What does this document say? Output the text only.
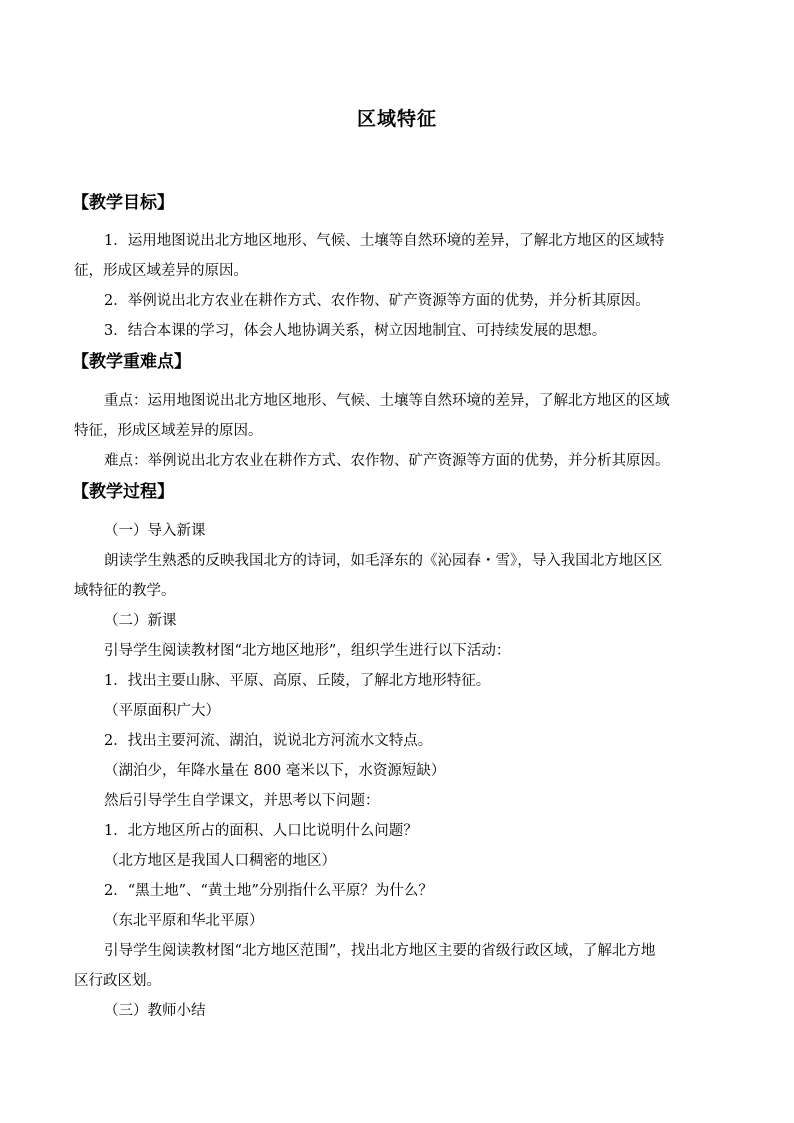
区域特征
【教学目标】
1．运用地图说出北方地区地形、气候、土壤等自然环境的差异，了解北方地区的区域特
征，形成区域差异的原因。
2．举例说出北方农业在耕作方式、农作物、矿产资源等方面的优势，并分析其原因。
3．结合本课的学习，体会人地协调关系，树立因地制宜、可持续发展的思想。
【教学重难点】
重点：运用地图说出北方地区地形、气候、土壤等自然环境的差异，了解北方地区的区域
特征，形成区域差异的原因。
难点：举例说出北方农业在耕作方式、农作物、矿产资源等方面的优势，并分析其原因。
【教学过程】
（一）导入新课
朗读学生熟悉的反映我国北方的诗词，如毛泽东的《沁园春・雪》，导入我国北方地区区
域特征的教学。
（二）新课
引导学生阅读教材图“北方地区地形”，组织学生进行以下活动：
1．找出主要山脉、平原、高原、丘陵，了解北方地形特征。
（平原面积广大）
2．找出主要河流、湖泊，说说北方河流水文特点。
（湖泊少，年降水量在 800 毫米以下，水资源短缺）
然后引导学生自学课文，并思考以下问题：
1．北方地区所占的面积、人口比说明什么问题？
（北方地区是我国人口稠密的地区）
2．“黑土地”、“黄土地”分别指什么平原？为什么？
（东北平原和华北平原）
引导学生阅读教材图“北方地区范围”，找出北方地区主要的省级行政区域，了解北方地
区行政区划。
（三）教师小结
